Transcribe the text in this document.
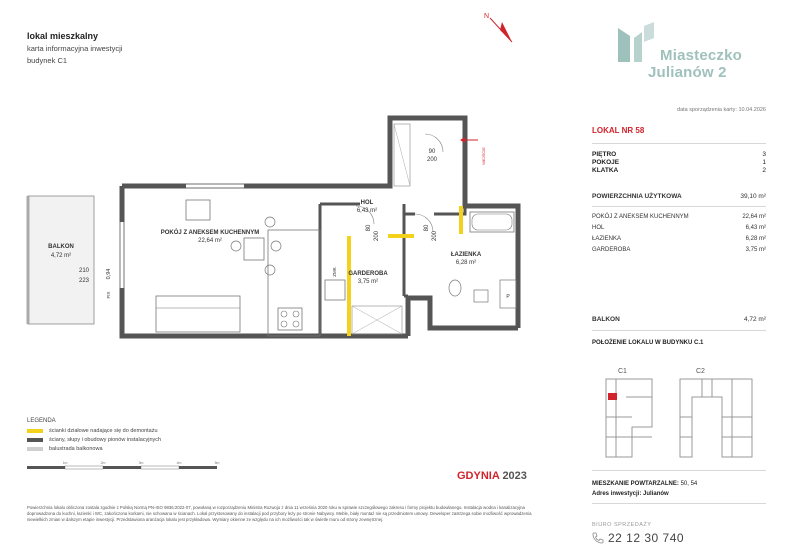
lokal mieszkalny
karta informacyjna inwestycji
budynek C1
N
Miasteczko
Julianów 2
data sporządzenia karty: 10.04.2026
LOKAL NR 58
PIĘTRO	3
POKOJE	1
KLATKA	2
POWIERZCHNIA UŻYTKOWA	39,10 m²
POKÓJ Z ANEKSEM KUCHENNYM	22,64 m²
HOL	6,43 m²
ŁAZIENKA	6,28 m²
GARDEROBA	3,75 m²
BALKON	4,72 m²
POŁOŻENIE LOKALU W BUDYNKU C.1
C1	C2
MIESZKANIE POWTARZALNE: 50, 54
Adres inwestycji: Julianów
BIURO SPRZEDAŻY
22 12 30 740
BALKON
4,72 m²
210
223
0,94
FIX
POKÓJ Z ANEKSEM KUCHENNYM
22,64 m²
HOL
6,43 m²
GARDEROBA
3,75 m²
ŁAZIENKA
6,28 m²
90
200	WEJŚCIE
ZMK
P
80
200
80
200
LEGENDA
ścianki działowe nadające się do demontażu
ściany, słupy i obudowy pionów instalacyjnych
balustrada balkonowa
1m	2m	3m	4m	5m
GDYNIA 2023
Powierzchnia lokalu obliczona zostala zgodnie z Polską Normą PN-ISO 9836:2022-07, powołaną w rozporządzeniu Ministra Rozwoju z dnia 11 września 2020 roku w sprawie szczegółowego zakresu i formy projektu budowlanego. Instalacja wodna i kanalizacyjna doprowadzona do kuchni, łazienki i WC, zakończona korkami, nie schowana w ścianach. Lokal przystosowany do instalacji pod przybory leży po stronie Nabywcy. Meble, biały montaż nie są przedmiotem umowy. Deweloper zastrzega sobie możliwość wprowadzenia niewielkich zmian w dalszym etapie inwestycji. Przedstawiona aranżacja lokalu jest przykładowa. Wymiary okienne ze względu na ich możliwości tak w świetle muru od strony zewnętrznej.
